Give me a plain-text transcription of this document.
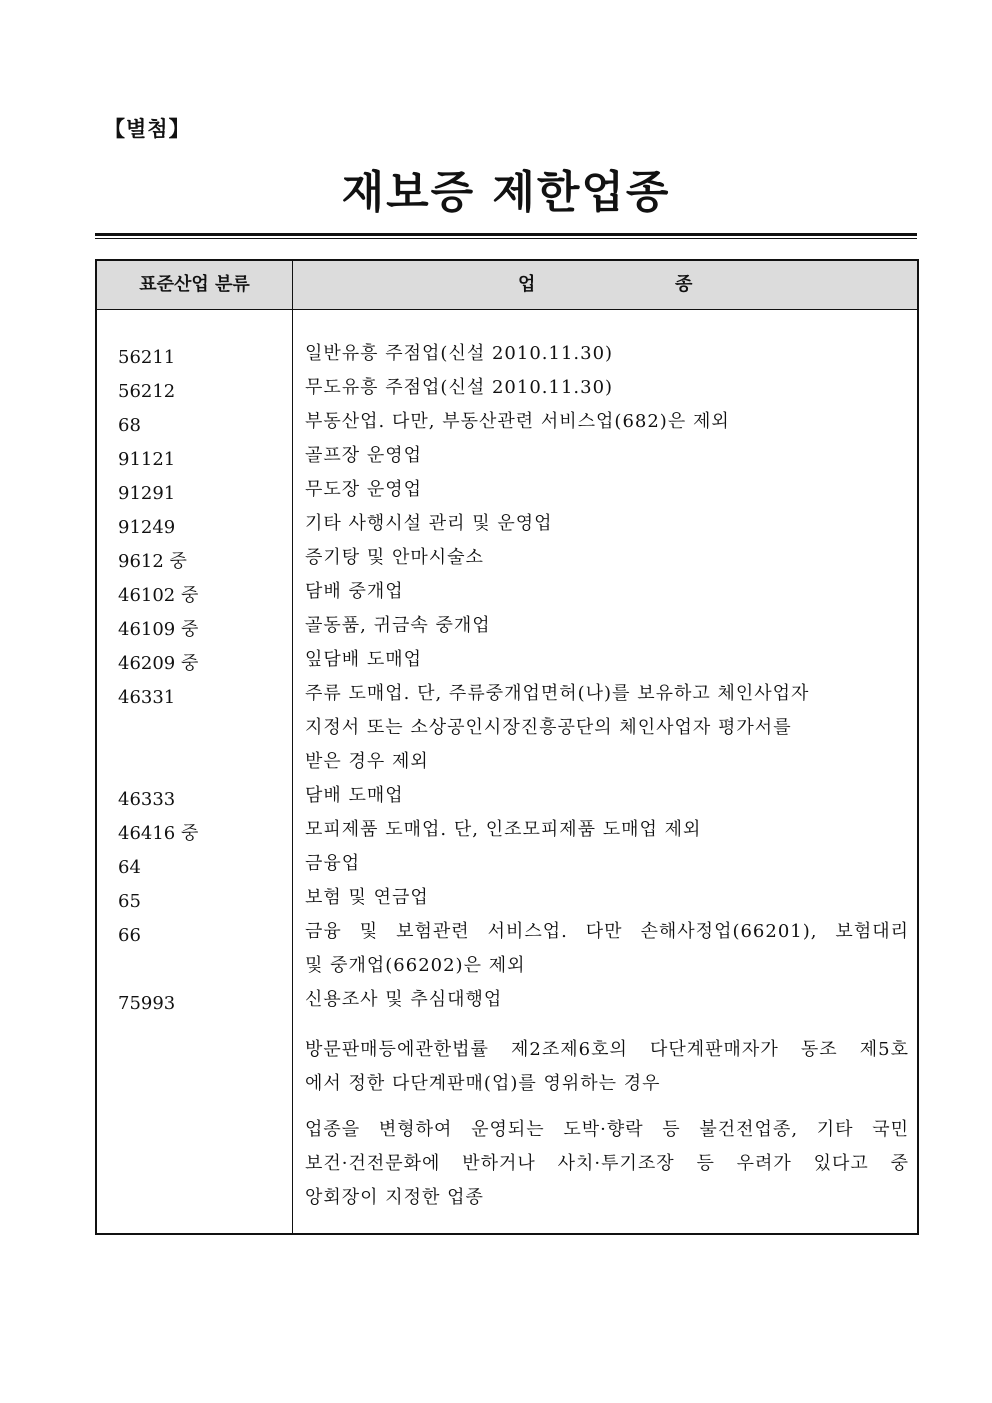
【별첨】
재보증 제한업종
표준산업 분류	업	종
56211
56212
68
91121
91291
91249
9612 중
46102 중
46109 중
46209 중
46331
46333
46416 중
64
65
66
75993
일반유흥 주점업(신설 2010.11.30)
무도유흥 주점업(신설 2010.11.30)
부동산업. 다만, 부동산관련 서비스업(682)은 제외
골프장 운영업
무도장 운영업
기타 사행시설 관리 및 운영업
증기탕 및 안마시술소
담배 중개업
골동품, 귀금속 중개업
잎담배 도매업
주류 도매업. 단, 주류중개업면허(나)를 보유하고 체인사업자
지정서 또는 소상공인시장진흥공단의 체인사업자 평가서를
받은 경우 제외
담배 도매업
모피제품 도매업. 단, 인조모피제품 도매업 제외
금융업
보험 및 연금업
금융 및 보험관련 서비스업. 다만 손해사정업(66201), 보험대리
및 중개업(66202)은 제외
신용조사 및 추심대행업
방문판매등에관한법률 제2조제6호의 다단계판매자가 동조 제5호
에서 정한 다단계판매(업)를 영위하는 경우
업종을 변형하여 운영되는 도박·향락 등 불건전업종, 기타 국민
보건·건전문화에 반하거나 사치·투기조장 등 우려가 있다고 중
앙회장이 지정한 업종
